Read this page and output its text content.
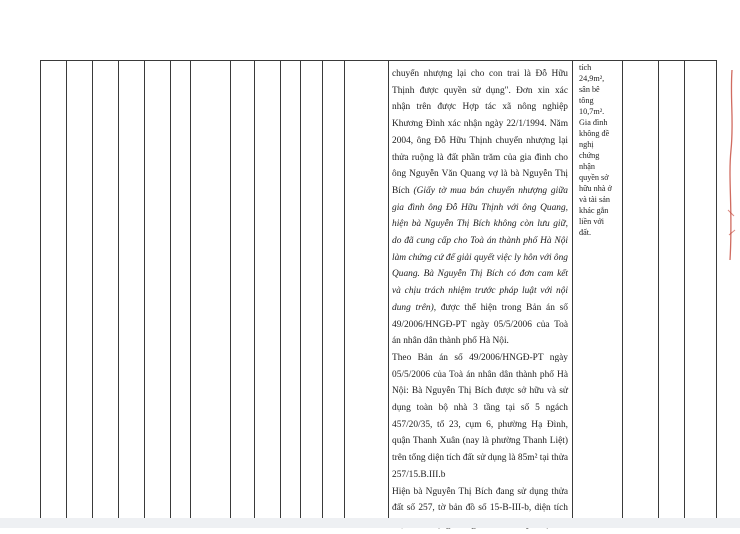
chuyển nhượng lại cho con trai là Đỗ Hữu Thịnh được quyền sử dụng". Đơn xin xác nhận trên được Hợp tác xã nông nghiệp Khương Đình xác nhận ngày 22/1/1994. Năm 2004, ông Đỗ Hữu Thịnh chuyển nhượng lại thửa ruộng là đất phần trăm của gia đình cho ông Nguyễn Văn Quang vợ là bà Nguyễn Thị Bích (Giấy tờ mua bán chuyển nhượng giữa gia đình ông Đỗ Hữu Thịnh với ông Quang, hiện bà Nguyễn Thị Bích không còn lưu giữ, do đã cung cấp cho Toà án thành phố Hà Nội làm chứng cứ để giải quyết việc ly hôn với ông Quang. Bà Nguyễn Thị Bích có đơn cam kết và chịu trách nhiệm trước pháp luật với nội dung trên), được thể hiện trong Bản án số 49/2006/HNGĐ-PT ngày 05/5/2006 của Toà án nhân dân thành phố Hà Nội.

Theo Bản án số 49/2006/HNGĐ-PT ngày 05/5/2006 của Toà án nhân dân thành phố Hà Nội: Bà Nguyễn Thị Bích được sở hữu và sử dụng toàn bộ nhà 3 tầng tại số 5 ngách 457/20/35, tổ 23, cụm 6, phường Hạ Đình, quận Thanh Xuân (nay là phường Thanh Liệt) trên tổng diện tích đất sử dụng là 85m² tại thửa 257/15.B.III.b

Hiện bà Nguyễn Thị Bích đang sử dụng thửa đất số 257, tờ bản đồ số 15-B-III-b, diện tích

tích
24,9m²,
sân bê
tông
10,7m².
Gia đình
không đề
nghị
chứng
nhận
quyền sở
hữu nhà ở
và tài sản
khác gắn
liền với
đất.
